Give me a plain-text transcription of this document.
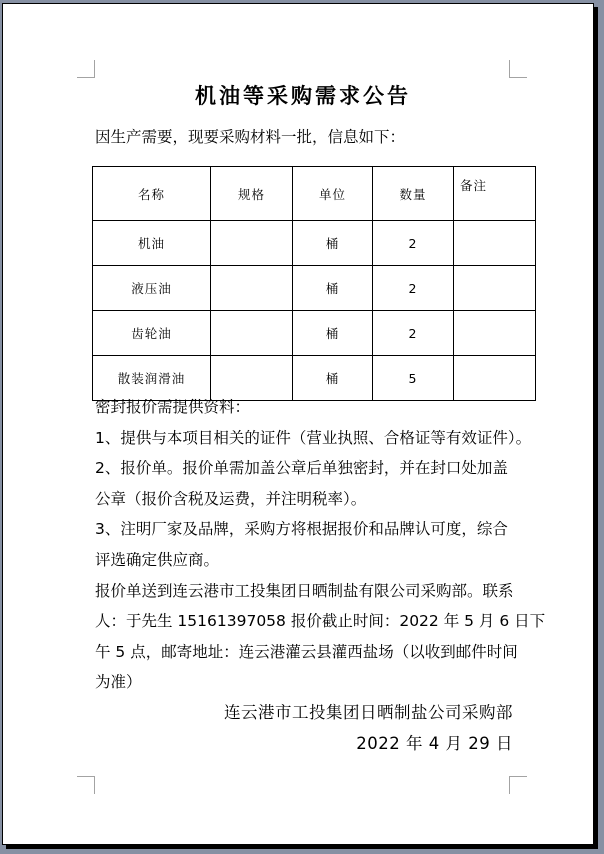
机油等采购需求公告
因生产需要，现要采购材料一批，信息如下：
名称	规格	单位	数量	备注
机油		桶	2	
液压油		桶	2	
齿轮油		桶	2	
散装润滑油		桶	5	
密封报价需提供资料：
1、提供与本项目相关的证件（营业执照、合格证等有效证件）。
2、报价单。报价单需加盖公章后单独密封，并在封口处加盖
公章（报价含税及运费，并注明税率）。
3、注明厂家及品牌，采购方将根据报价和品牌认可度，综合
评选确定供应商。
报价单送到连云港市工投集团日晒制盐有限公司采购部。联系
人：于先生 15161397058 报价截止时间：2022 年 5 月 6 日下
午 5 点，邮寄地址：连云港灌云县灌西盐场（以收到邮件时间
为准）
连云港市工投集团日晒制盐公司采购部
2022 年 4 月 29 日
